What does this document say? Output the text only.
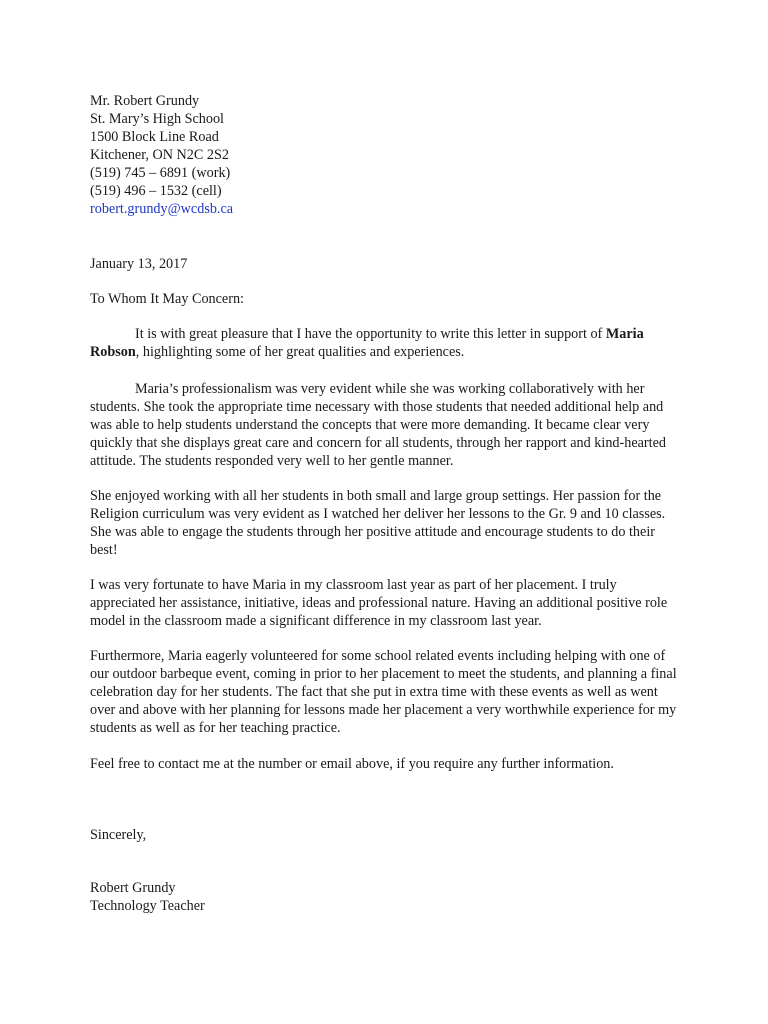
Mr. Robert Grundy
St. Mary’s High School
1500 Block Line Road
Kitchener, ON N2C 2S2
(519) 745 – 6891 (work)
(519) 496 – 1532 (cell)
robert.grundy@wcdsb.ca
January 13, 2017
To Whom It May Concern:
It is with great pleasure that I have the opportunity to write this letter in support of Maria
Robson, highlighting some of her great qualities and experiences.
Maria’s professionalism was very evident while she was working collaboratively with her
students. She took the appropriate time necessary with those students that needed additional help and
was able to help students understand the concepts that were more demanding. It became clear very
quickly that she displays great care and concern for all students, through her rapport and kind-hearted
attitude. The students responded very well to her gentle manner.
She enjoyed working with all her students in both small and large group settings. Her passion for the
Religion curriculum was very evident as I watched her deliver her lessons to the Gr. 9 and 10 classes.
She was able to engage the students through her positive attitude and encourage students to do their
best!
I was very fortunate to have Maria in my classroom last year as part of her placement. I truly
appreciated her assistance, initiative, ideas and professional nature. Having an additional positive role
model in the classroom made a significant difference in my classroom last year.
Furthermore, Maria eagerly volunteered for some school related events including helping with one of
our outdoor barbeque event, coming in prior to her placement to meet the students, and planning a final
celebration day for her students. The fact that she put in extra time with these events as well as went
over and above with her planning for lessons made her placement a very worthwhile experience for my
students as well as for her teaching practice.
Feel free to contact me at the number or email above, if you require any further information.
Sincerely,
Robert Grundy
Technology Teacher
